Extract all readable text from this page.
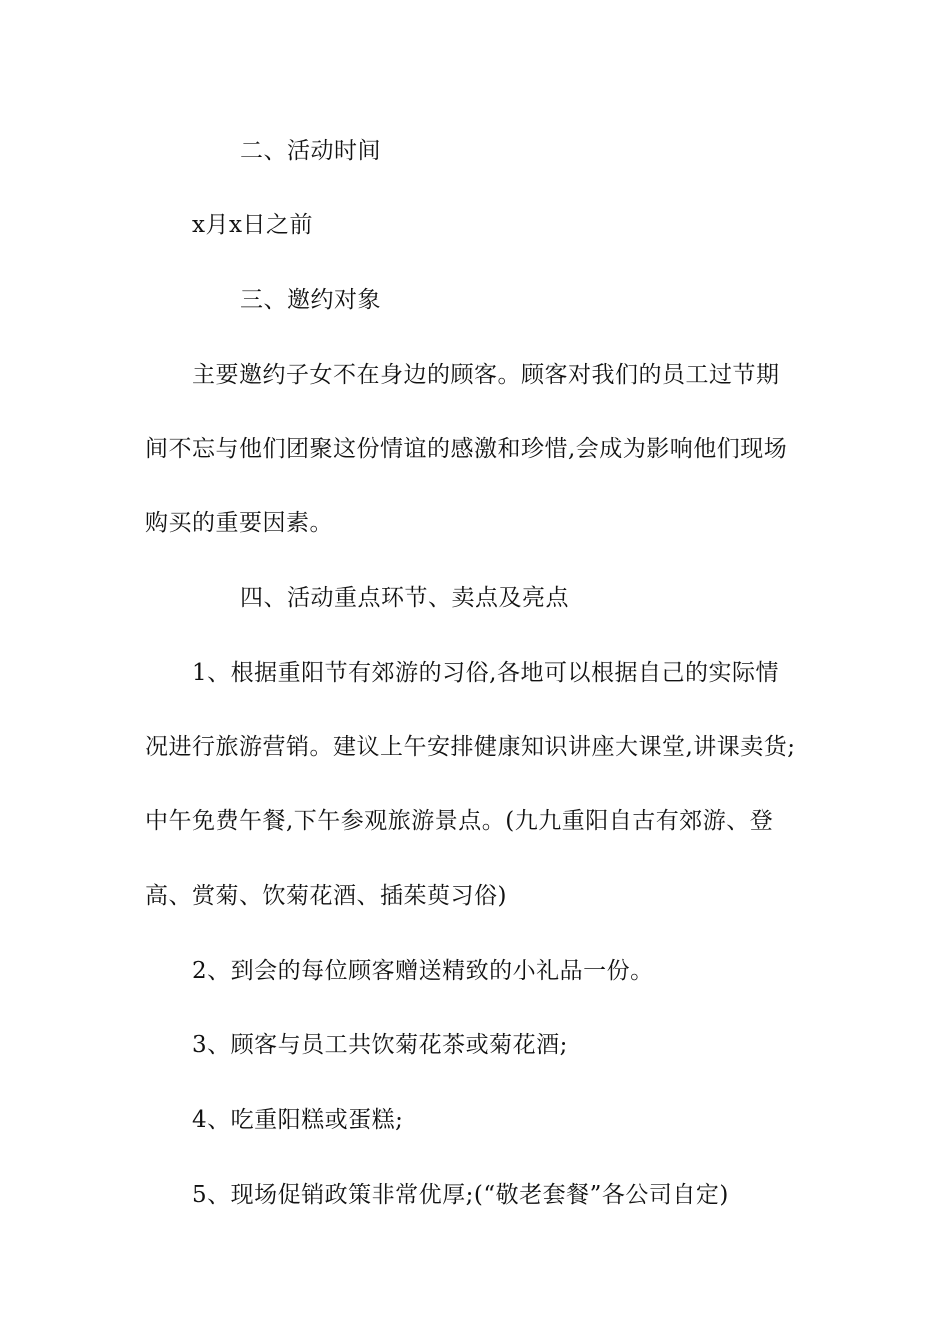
二、活动时间
x月x日之前
三、邀约对象
主要邀约子女不在身边的顾客。顾客对我们的员工过节期
间不忘与他们团聚这份情谊的感激和珍惜,会成为影响他们现场
购买的重要因素。
四、活动重点环节、卖点及亮点
1、根据重阳节有郊游的习俗,各地可以根据自己的实际情
况进行旅游营销。建议上午安排健康知识讲座大课堂,讲课卖货;
中午免费午餐,下午参观旅游景点。(九九重阳自古有郊游、登
高、赏菊、饮菊花酒、插茱萸习俗)
2、到会的每位顾客赠送精致的小礼品一份。
3、顾客与员工共饮菊花茶或菊花酒;
4、吃重阳糕或蛋糕;
5、现场促销政策非常优厚;(“敬老套餐”各公司自定)
